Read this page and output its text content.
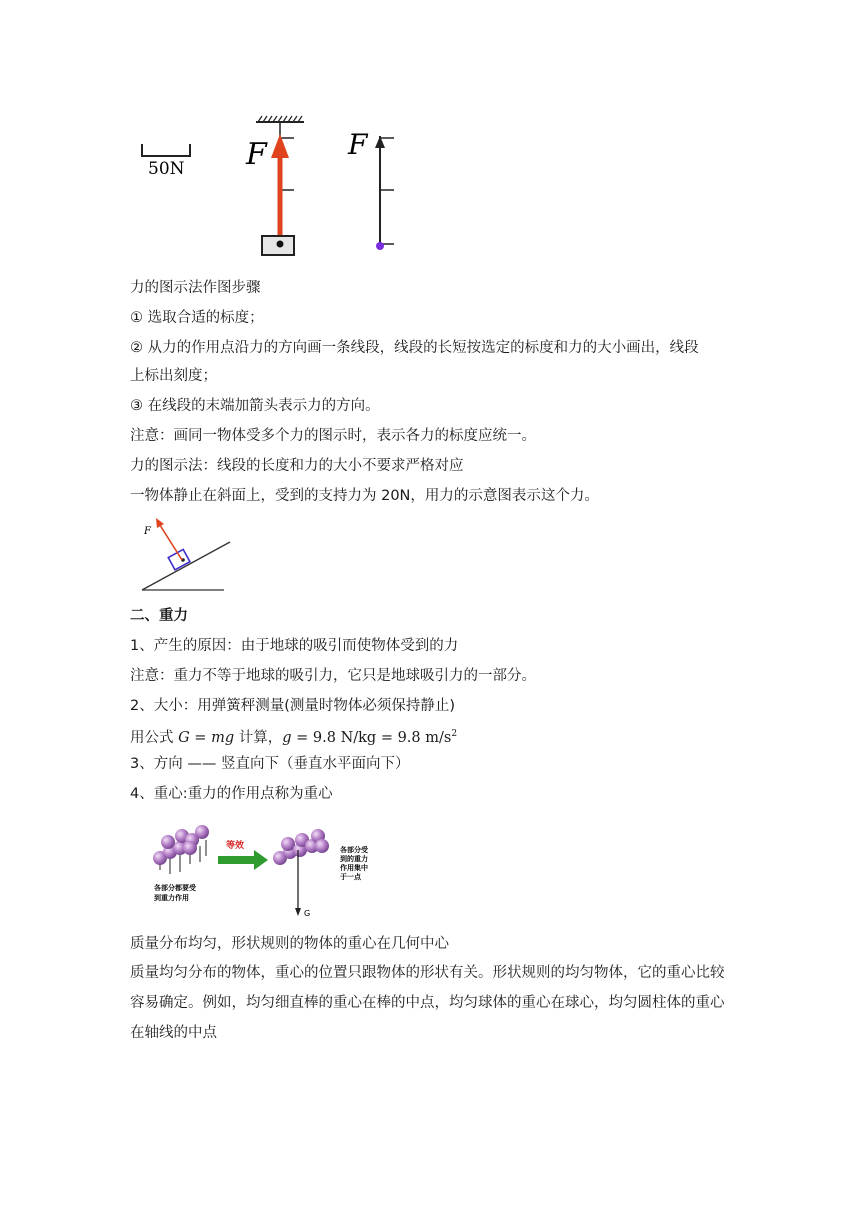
50N F	F
力的图示法作图步骤
① 选取合适的标度；
② 从力的作用点沿力的方向画一条线段，线段的长短按选定的标度和力的大小画出，线段
上标出刻度；
③ 在线段的末端加箭头表示力的方向。
注意：画同一物体受多个力的图示时，表示各力的标度应统一。
力的图示法：线段的长度和力的大小不要求严格对应
一物体静止在斜面上，受到的支持力为 20N，用力的示意图表示这个力。
F
二、重力
1、产生的原因：由于地球的吸引而使物体受到的力
注意：重力不等于地球的吸引力，它只是地球吸引力的一部分。
2、大小：用弹簧秤测量(测量时物体必须保持静止)
用公式 G = mg 计算，g = 9.8 N/kg = 9.8 $m/s^2$
3、方向 —— 竖直向下（垂直水平面向下）
4、重心:重力的作用点称为重心
各部分都要受
到重力作用
等效
G
各部分受
到的重力
作用集中
于一点
质量分布均匀，形状规则的物体的重心在几何中心
质量均匀分布的物体，重心的位置只跟物体的形状有关。形状规则的均匀物体，它的重心比较容易确定。例如，均匀细直棒的重心在棒的中点，均匀球体的重心在球心，均匀圆柱体的重心在轴线的中点
